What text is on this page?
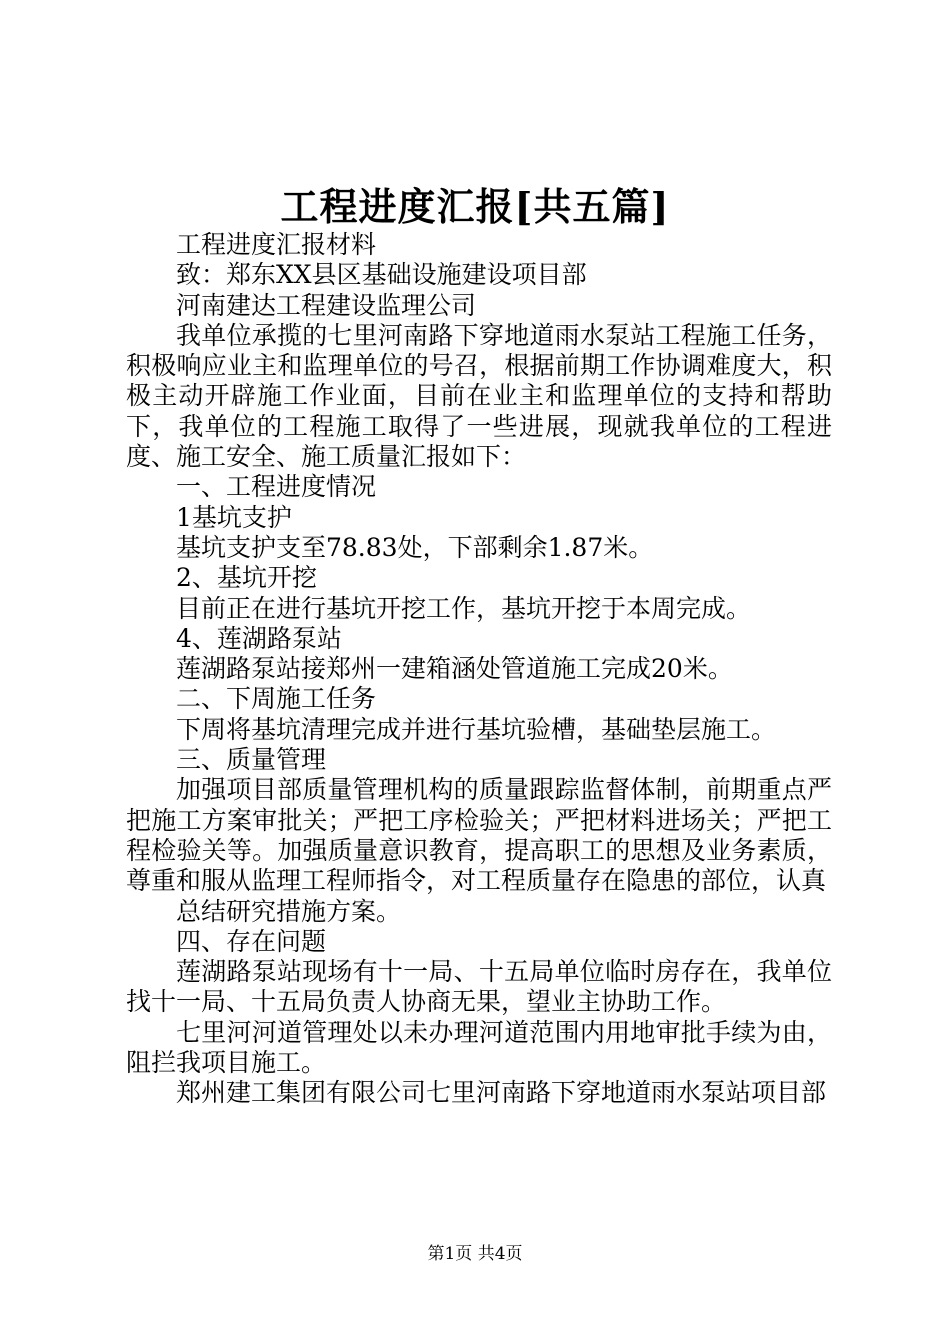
工程进度汇报[共五篇]

工程进度汇报材料

致：郑东XX县区基础设施建设项目部

河南建达工程建设监理公司

我单位承揽的七里河南路下穿地道雨水泵站工程施工任务，积极响应业主和监理单位的号召，根据前期工作协调难度大，积极主动开辟施工作业面，目前在业主和监理单位的支持和帮助下，我单位的工程施工取得了一些进展，现就我单位的工程进度、施工安全、施工质量汇报如下：

一、工程进度情况

1基坑支护

基坑支护支至78.83处，下部剩余1.87米。

2、基坑开挖

目前正在进行基坑开挖工作，基坑开挖于本周完成。

4、莲湖路泵站

莲湖路泵站接郑州一建箱涵处管道施工完成20米。

二、下周施工任务

下周将基坑清理完成并进行基坑验槽，基础垫层施工。

三、质量管理

加强项目部质量管理机构的质量跟踪监督体制，前期重点严把施工方案审批关；严把工序检验关；严把材料进场关；严把工程检验关等。加强质量意识教育，提高职工的思想及业务素质，尊重和服从监理工程师指令，对工程质量存在隐患的部位，认真

总结研究措施方案。

四、存在问题

莲湖路泵站现场有十一局、十五局单位临时房存在，我单位找十一局、十五局负责人协商无果，望业主协助工作。

七里河河道管理处以未办理河道范围内用地审批手续为由，阻拦我项目施工。

郑州建工集团有限公司七里河南路下穿地道雨水泵站项目部

第1页 共4页
